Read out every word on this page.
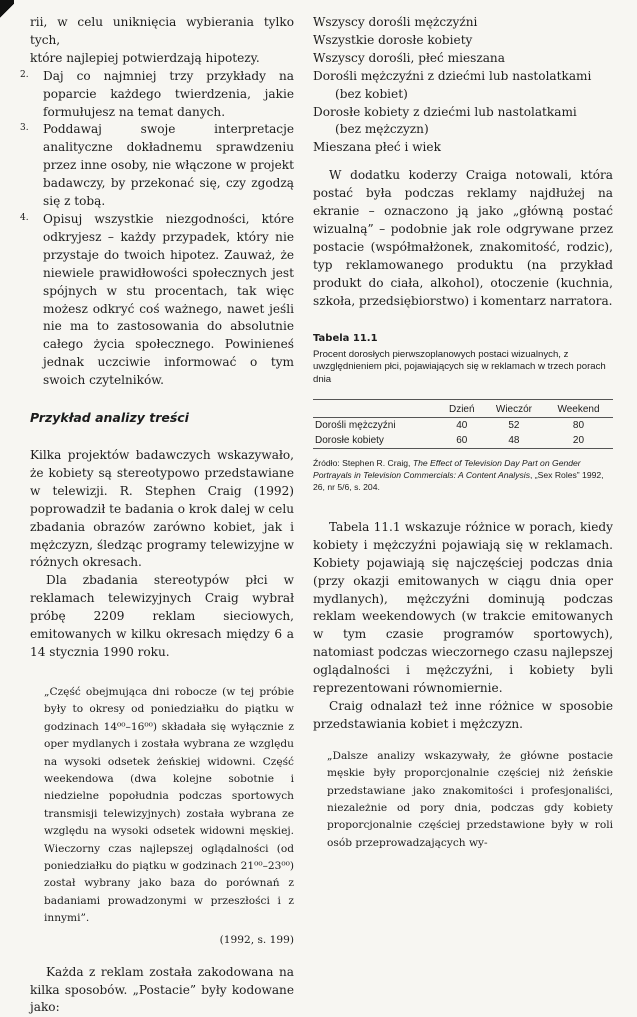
rii, w celu uniknięcia wybierania tylko tych,

które najlepiej potwierdzają hipotezy.

2. Daj co najmniej trzy przykłady na poparcie każdego twierdzenia, jakie formułujesz na temat danych.

3. Poddawaj swoje interpretacje analityczne dokładnemu sprawdzeniu przez inne osoby, nie włączone w projekt badawczy, by przekonać się, czy zgodzą się z tobą.

4. Opisuj wszystkie niezgodności, które odkryjesz – każdy przypadek, który nie przystaje do twoich hipotez. Zauważ, że niewiele prawidłowości społecznych jest spójnych w stu procentach, tak więc możesz odkryć coś ważnego, nawet jeśli nie ma to zastosowania do absolutnie całego życia społecznego. Powinieneś jednak uczciwie informować o tym swoich czytelników.

Przykład analizy treści

Kilka projektów badawczych wskazywało, że kobiety są stereotypowo przedstawiane w telewizji. R. Stephen Craig (1992) poprowadził te badania o krok dalej w celu zbadania obrazów zarówno kobiet, jak i mężczyzn, śledząc programy telewizyjne w różnych okresach.

Dla zbadania stereotypów płci w reklamach telewizyjnych Craig wybrał próbę 2209 reklam sieciowych, emitowanych w kilku okresach między 6 a 14 stycznia 1990 roku.

„Część obejmująca dni robocze (w tej próbie były to okresy od poniedziałku do piątku w godzinach 14⁰⁰–16⁰⁰) składała się wyłącznie z oper mydlanych i została wybrana ze względu na wysoki odsetek żeńskiej widowni. Część weekendowa (dwa kolejne sobotnie i niedzielne popołudnia podczas sportowych transmisji telewizyjnych) została wybrana ze względu na wysoki odsetek widowni męskiej. Wieczorny czas najlepszej oglądalności (od poniedziałku do piątku w godzinach 21⁰⁰–23⁰⁰) został wybrany jako baza do porównań z badaniami prowadzonymi w przeszłości i z innymi”.

(1992, s. 199)

Każda z reklam została zakodowana na kilka sposobów. „Postacie” były kodowane jako:

Wszyscy dorośli mężczyźni
Wszystkie dorosłe kobiety
Wszyscy dorośli, płeć mieszana
Dorośli mężczyźni z dziećmi lub nastolatkami
(bez kobiet)
Dorosłe kobiety z dziećmi lub nastolatkami
(bez mężczyzn)
Mieszana płeć i wiek

W dodatku koderzy Craiga notowali, która postać była podczas reklamy najdłużej na ekranie – oznaczono ją jako „główną postać wizualną” – podobnie jak role odgrywane przez postacie (współmałżonek, znakomitość, rodzic), typ reklamowanego produktu (na przykład produkt do ciała, alkohol), otoczenie (kuchnia, szkoła, przedsiębiorstwo) i komentarz narratora.

Tabela 11.1

Procent dorosłych pierwszoplanowych postaci wizualnych, z uwzględnieniem płci, pojawiających się w reklamach w trzech porach dnia

	Dzień	Wieczór	Weekend
Dorośli mężczyźni	40	52	80
Dorosłe kobiety	60	48	20

Źródło: Stephen R. Craig, The Effect of Television Day Part on Gender Portrayals in Television Commercials: A Content Analysis, „Sex Roles” 1992, 26, nr 5/6, s. 204.

Tabela 11.1 wskazuje różnice w porach, kiedy kobiety i mężczyźni pojawiają się w reklamach. Kobiety pojawiają się najczęściej podczas dnia (przy okazji emitowanych w ciągu dnia oper mydlanych), mężczyźni dominują podczas reklam weekendowych (w trakcie emitowanych w tym czasie programów sportowych), natomiast podczas wieczornego czasu najlepszej oglądalności i mężczyźni, i kobiety byli reprezentowani równomiernie.

Craig odnalazł też inne różnice w sposobie przedstawiania kobiet i mężczyzn.

„Dalsze analizy wskazywały, że główne postacie męskie były proporcjonalnie częściej niż żeńskie przedstawiane jako znakomitości i profesjonaliści, niezależnie od pory dnia, podczas gdy kobiety proporcjonalnie częściej przedstawione były w roli osób przeprowadzających wy-
